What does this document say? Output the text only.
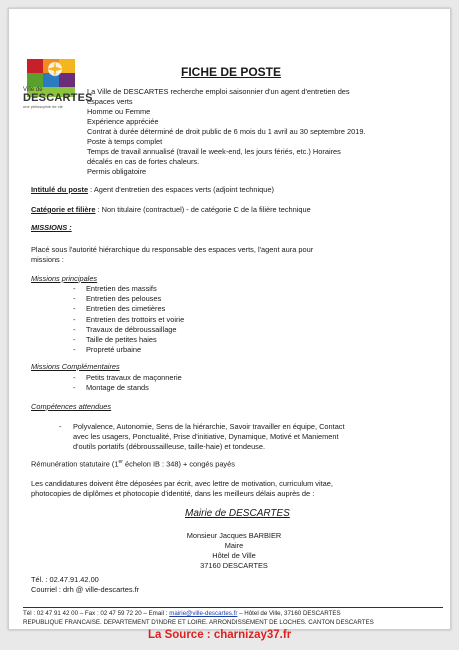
Ville de
DESCARTES
une philosophie de vie
FICHE DE POSTE
La Ville de DESCARTES recherche emploi saisonnier d'un agent d'entretien des
espaces verts
Homme ou Femme
Expérience appréciée
Contrat à durée déterminé de droit public de 6 mois du 1 avril au 30 septembre 2019.
Poste à temps complet
Temps de travail annualisé (travail le week-end, les jours fériés, etc.) Horaires
décalés en cas de fortes chaleurs.
Permis obligatoire
Intitulé du poste : Agent d'entretien des espaces verts (adjoint technique)
Catégorie et filière : Non titulaire (contractuel) - de catégorie C de la filière technique
MISSIONS :
Placé sous l'autorité hiérarchique du responsable des espaces verts, l'agent aura pour
missions :
Missions principales
- Entretien des massifs
- Entretien des pelouses
- Entretien des cimetières
- Entretien des trottoirs et voirie
- Travaux de débroussaillage
- Taille de petites haies
- Propreté urbaine
Missions Complémentaires
- Petits travaux de maçonnerie
- Montage de stands
Compétences attendues
- Polyvalence, Autonomie, Sens de la hiérarchie, Savoir travailler en équipe, Contact
avec les usagers, Ponctualité, Prise d'initiative, Dynamique, Motivé et Maniement
d'outils portatifs (débroussailleuse, taille-haie) et tondeuse.
Rémunération statutaire (1er échelon IB : 348) + congés payés
Les candidatures doivent être déposées par écrit, avec lettre de motivation, curriculum vitae,
photocopies de diplômes et photocopie d'identité, dans les meilleurs délais auprès de :
Mairie de DESCARTES
Monsieur Jacques BARBIER
Maire
Hôtel de Ville
37160 DESCARTES
Tél. : 02.47.91.42.00
Courriel : drh @ ville-descartes.fr
Tél : 02 47 91 42 00 – Fax : 02 47 59 72 20 – Email : mairie@ville-descartes.fr – Hôtel de Ville, 37160 DESCARTES
REPUBLIQUE FRANCAISE. DEPARTEMENT D'INDRE ET LOIRE. ARRONDISSEMENT DE LOCHES. CANTON DESCARTES
La Source : charnizay37.fr
